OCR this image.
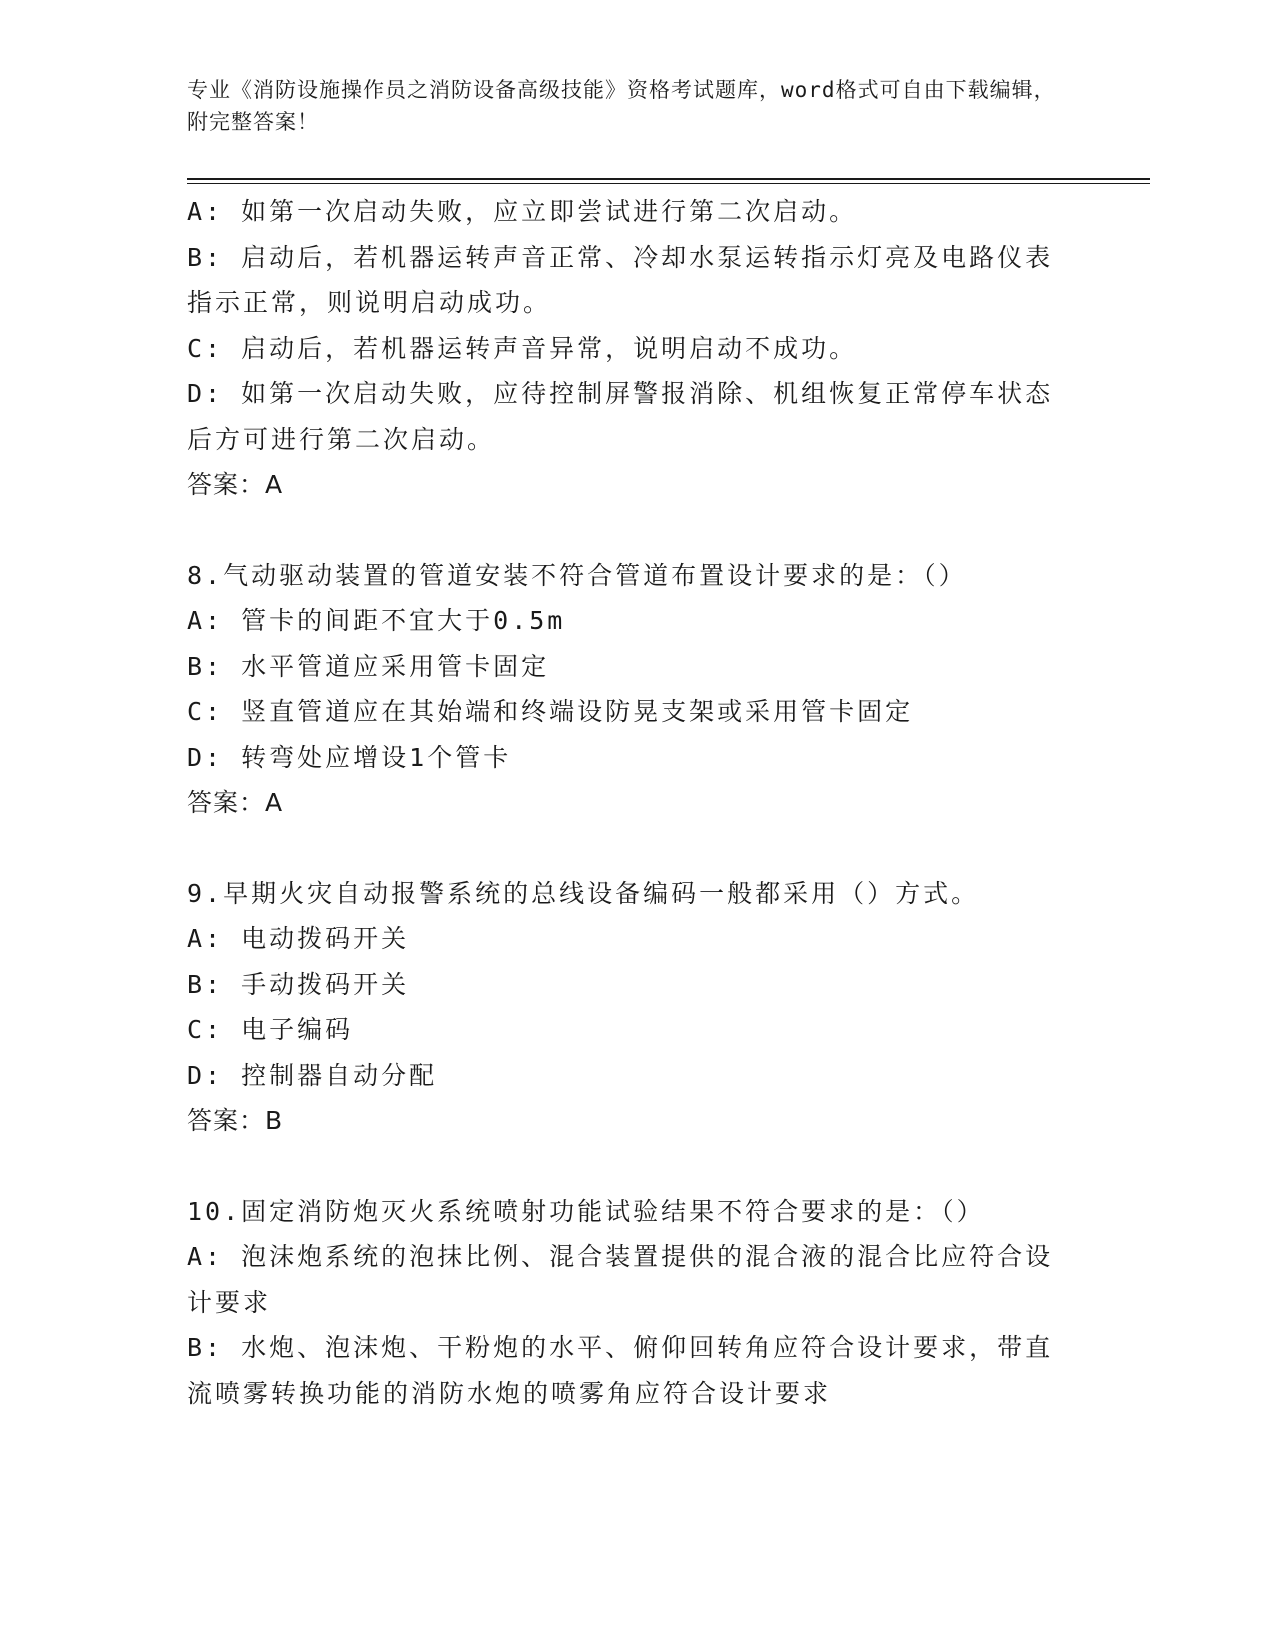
专业《消防设施操作员之消防设备高级技能》资格考试题库，word格式可自由下载编辑，附完整答案！
A: 如第一次启动失败，应立即尝试进行第二次启动。
B: 启动后，若机器运转声音正常、冷却水泵运转指示灯亮及电路仪表指示正常，则说明启动成功。
C: 启动后，若机器运转声音异常，说明启动不成功。
D: 如第一次启动失败，应待控制屏警报消除、机组恢复正常停车状态后方可进行第二次启动。
答案：A
8.气动驱动装置的管道安装不符合管道布置设计要求的是：（）
A: 管卡的间距不宜大于0.5m
B: 水平管道应采用管卡固定
C: 竖直管道应在其始端和终端设防晃支架或采用管卡固定
D: 转弯处应增设1个管卡
答案：A
9.早期火灾自动报警系统的总线设备编码一般都采用（）方式。
A: 电动拨码开关
B: 手动拨码开关
C: 电子编码
D: 控制器自动分配
答案：B
10.固定消防炮灭火系统喷射功能试验结果不符合要求的是：（）
A: 泡沫炮系统的泡抹比例、混合装置提供的混合液的混合比应符合设计要求
B: 水炮、泡沫炮、干粉炮的水平、俯仰回转角应符合设计要求，带直流喷雾转换功能的消防水炮的喷雾角应符合设计要求
